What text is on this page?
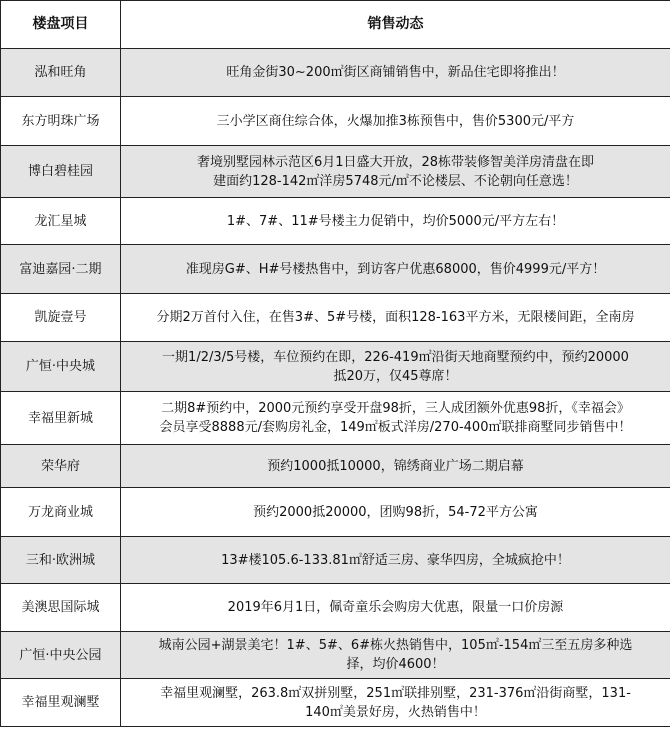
楼盘项目	销售动态
泓和旺角	旺角金街30~200㎡街区商铺销售中，新品住宅即将推出！
东方明珠广场	三小学区商住综合体，火爆加推3栋预售中，售价5300元/平方
博白碧桂园	奢境别墅园林示范区6月1日盛大开放，28栋带装修智美洋房清盘在即
建面约128-142㎡洋房5748元/㎡不论楼层、不论朝向任意选！
龙汇星城	1#、7#、11#号楼主力促销中，均价5000元/平方左右！
富迪嘉园·二期	准现房G#、H#号楼热售中，到访客户优惠68000，售价4999元/平方！
凯旋壹号	分期2万首付入住，在售3#、5#号楼，面积128-163平方米，无限楼间距，全南房
广恒·中央城	一期1/2/3/5号楼，车位预约在即，226-419㎡沿街天地商墅预约中，预约20000
抵20万，仅45尊席！
幸福里新城	二期8#预约中，2000元预约享受开盘98折，三人成团额外优惠98折，《幸福会》
会员享受8888元/套购房礼金，149㎡板式洋房/270-400㎡联排商墅同步销售中！
荣华府	预约1000抵10000，锦绣商业广场二期启幕
万龙商业城	预约2000抵20000，团购98折，54-72平方公寓
三和·欧洲城	13#楼105.6-133.81㎡舒适三房、豪华四房，全城疯抢中！
美澳思国际城	2019年6月1日，佩奇童乐会购房大优惠，限量一口价房源
广恒·中央公园	城南公园+湖景美宅！1#、5#、6#栋火热销售中，105㎡-154㎡三至五房多种选
择，均价4600！
幸福里观澜墅	幸福里观澜墅，263.8㎡双拼别墅，251㎡联排别墅，231-376㎡沿街商墅，131-
140㎡美景好房，火热销售中！
